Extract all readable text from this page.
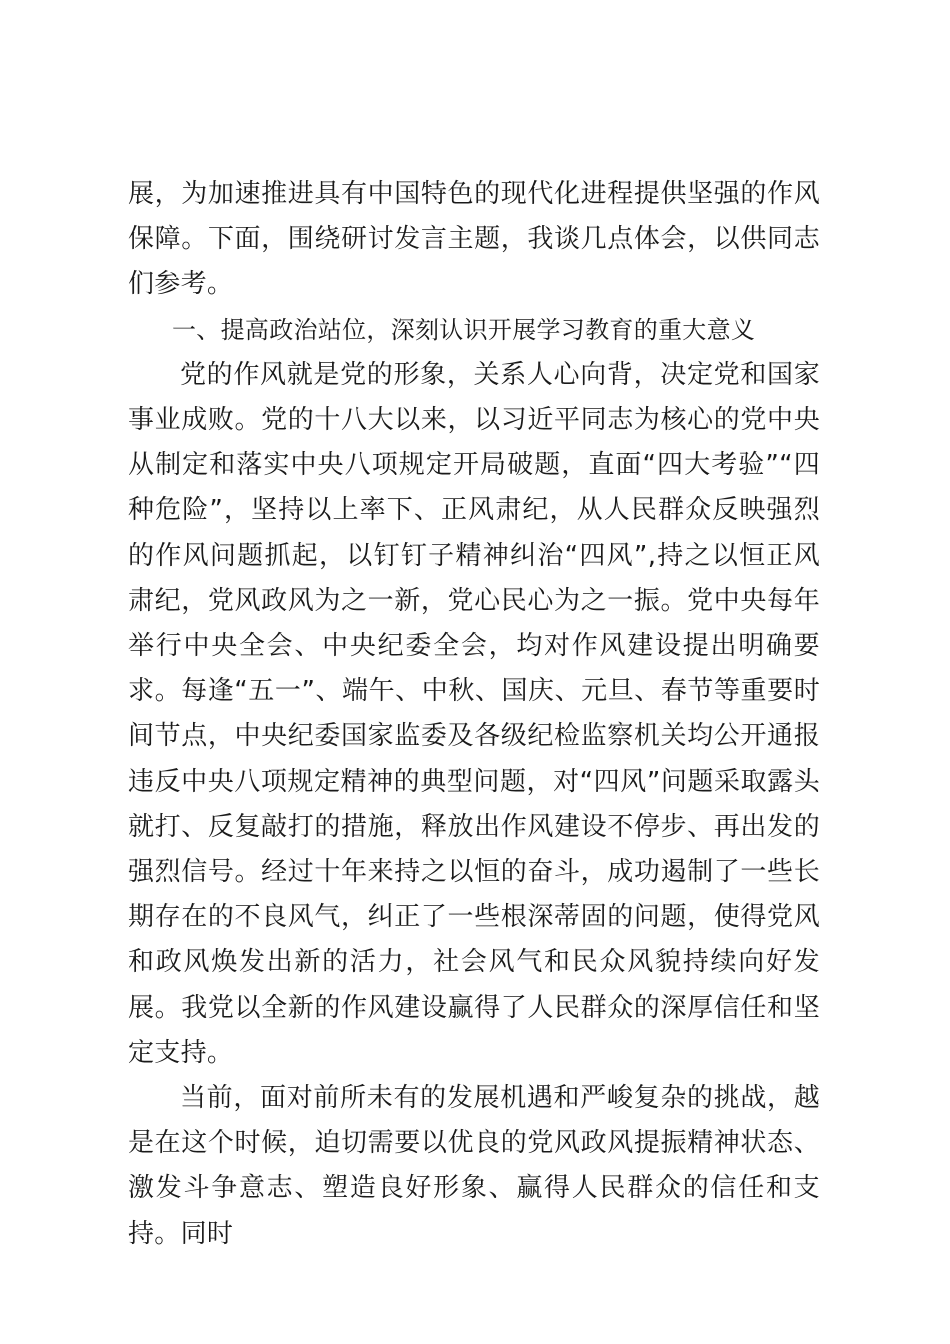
展，为加速推进具有中国特色的现代化进程提供坚强的作风保障。下面，围绕研讨发言主题，我谈几点体会，以供同志们参考。

一、提高政治站位，深刻认识开展学习教育的重大意义

党的作风就是党的形象，关系人心向背，决定党和国家事业成败。党的十八大以来，以习近平同志为核心的党中央从制定和落实中央八项规定开局破题，直面“四大考验”“四种危险”，坚持以上率下、正风肃纪，从人民群众反映强烈的作风问题抓起，以钉钉子精神纠治“四风”,持之以恒正风肃纪，党风政风为之一新，党心民心为之一振。党中央每年举行中央全会、中央纪委全会，均对作风建设提出明确要求。每逢“五一”、端午、中秋、国庆、元旦、春节等重要时间节点，中央纪委国家监委及各级纪检监察机关均公开通报违反中央八项规定精神的典型问题，对“四风”问题采取露头就打、反复敲打的措施，释放出作风建设不停步、再出发的强烈信号。经过十年来持之以恒的奋斗，成功遏制了一些长期存在的不良风气，纠正了一些根深蒂固的问题，使得党风和政风焕发出新的活力，社会风气和民众风貌持续向好发展。我党以全新的作风建设赢得了人民群众的深厚信任和坚定支持。

当前，面对前所未有的发展机遇和严峻复杂的挑战，越是在这个时候，迫切需要以优良的党风政风提振精神状态、激发斗争意志、塑造良好形象、赢得人民群众的信任和支持。同时
